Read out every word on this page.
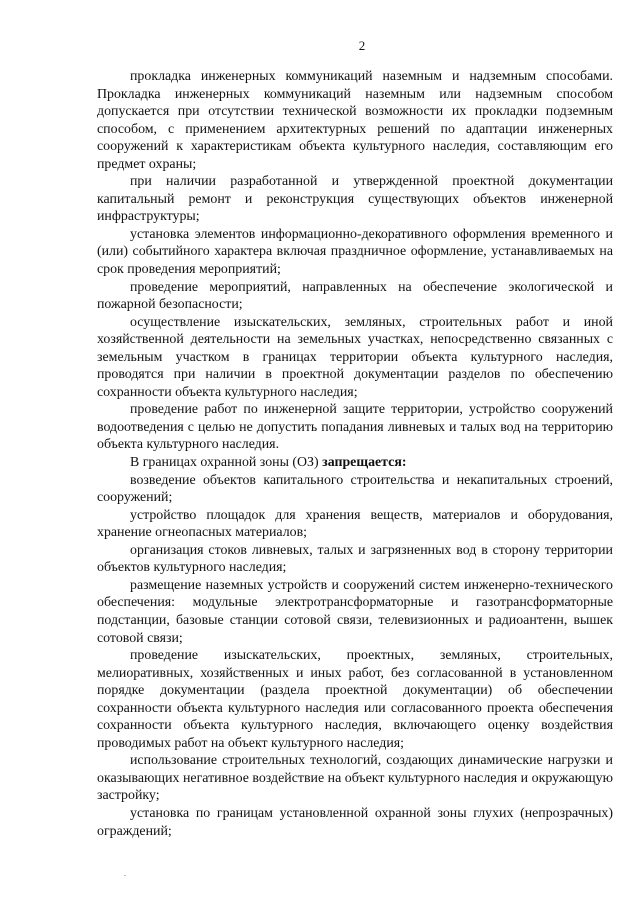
2

прокладка инженерных коммуникаций наземным и надземным способами. Прокладка инженерных коммуникаций наземным или надземным способом допускается при отсутствии технической возможности их прокладки подземным способом, с применением архитектурных решений по адаптации инженерных сооружений к характеристикам объекта культурного наследия, составляющим его предмет охраны;

при наличии разработанной и утвержденной проектной документации капитальный ремонт и реконструкция существующих объектов инженерной инфраструктуры;

установка элементов информационно-декоративного оформления временного и (или) событийного характера включая праздничное оформление, устанавливаемых на срок проведения мероприятий;

проведение мероприятий, направленных на обеспечение экологической и пожарной безопасности;

осуществление изыскательских, земляных, строительных работ и иной хозяйственной деятельности на земельных участках, непосредственно связанных с земельным участком в границах территории объекта культурного наследия, проводятся при наличии в проектной документации разделов по обеспечению сохранности объекта культурного наследия;

проведение работ по инженерной защите территории, устройство сооружений водоотведения с целью не допустить попадания ливневых и талых вод на территорию объекта культурного наследия.

В границах охранной зоны (ОЗ) запрещается:

возведение объектов капитального строительства и некапитальных строений, сооружений;

устройство площадок для хранения веществ, материалов и оборудования, хранение огнеопасных материалов;

организация стоков ливневых, талых и загрязненных вод в сторону территории объектов культурного наследия;

размещение наземных устройств и сооружений систем инженерно-технического обеспечения: модульные электротрансформаторные и газотрансформаторные подстанции, базовые станции сотовой связи, телевизионных и радиоантенн, вышек сотовой связи;

проведение изыскательских, проектных, земляных, строительных, мелиоративных, хозяйственных и иных работ, без согласованной в установленном порядке документации (раздела проектной документации) об обеспечении сохранности объекта культурного наследия или согласованного проекта обеспечения сохранности объекта культурного наследия, включающего оценку воздействия проводимых работ на объект культурного наследия;

использование строительных технологий, создающих динамические нагрузки и оказывающих негативное воздействие на объект культурного наследия и окружающую застройку;

установка по границам установленной охранной зоны глухих (непрозрачных) ограждений;
